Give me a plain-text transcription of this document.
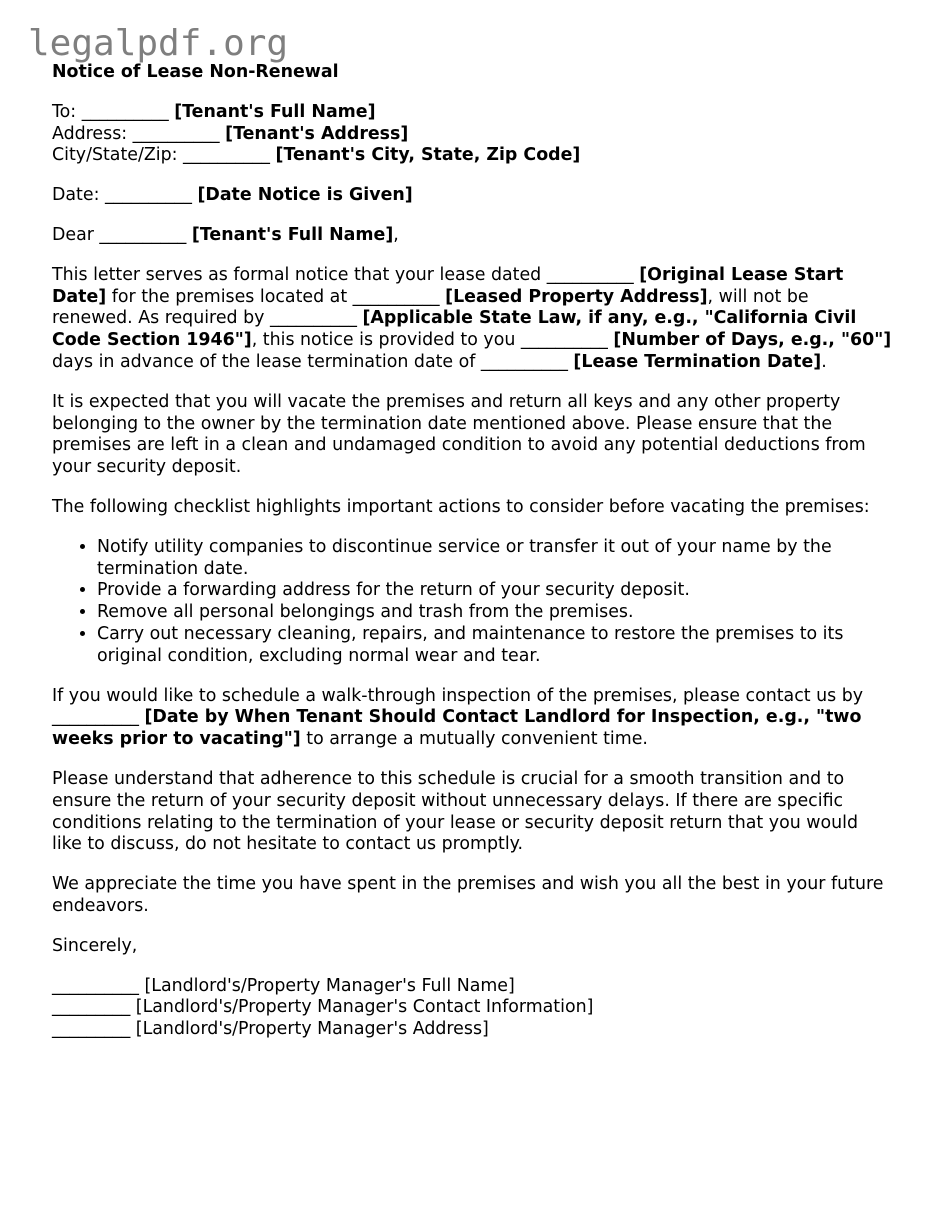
legalpdf.org
Notice of Lease Non-Renewal

To: __________ [Tenant's Full Name]
Address: __________ [Tenant's Address]
City/State/Zip: __________ [Tenant's City, State, Zip Code]

Date: __________ [Date Notice is Given]

Dear __________ [Tenant's Full Name],

This letter serves as formal notice that your lease dated __________ [Original Lease Start Date] for the premises located at __________ [Leased Property Address], will not be renewed. As required by __________ [Applicable State Law, if any, e.g., "California Civil Code Section 1946"], this notice is provided to you __________ [Number of Days, e.g., "60"] days in advance of the lease termination date of __________ [Lease Termination Date].

It is expected that you will vacate the premises and return all keys and any other property belonging to the owner by the termination date mentioned above. Please ensure that the premises are left in a clean and undamaged condition to avoid any potential deductions from your security deposit.

The following checklist highlights important actions to consider before vacating the premises:

• Notify utility companies to discontinue service or transfer it out of your name by the termination date.
• Provide a forwarding address for the return of your security deposit.
• Remove all personal belongings and trash from the premises.
• Carry out necessary cleaning, repairs, and maintenance to restore the premises to its original condition, excluding normal wear and tear.

If you would like to schedule a walk-through inspection of the premises, please contact us by __________ [Date by When Tenant Should Contact Landlord for Inspection, e.g., "two weeks prior to vacating"] to arrange a mutually convenient time.

Please understand that adherence to this schedule is crucial for a smooth transition and to ensure the return of your security deposit without unnecessary delays. If there are specific conditions relating to the termination of your lease or security deposit return that you would like to discuss, do not hesitate to contact us promptly.

We appreciate the time you have spent in the premises and wish you all the best in your future endeavors.

Sincerely,

__________ [Landlord's/Property Manager's Full Name]
_________ [Landlord's/Property Manager's Contact Information]
_________ [Landlord's/Property Manager's Address]
